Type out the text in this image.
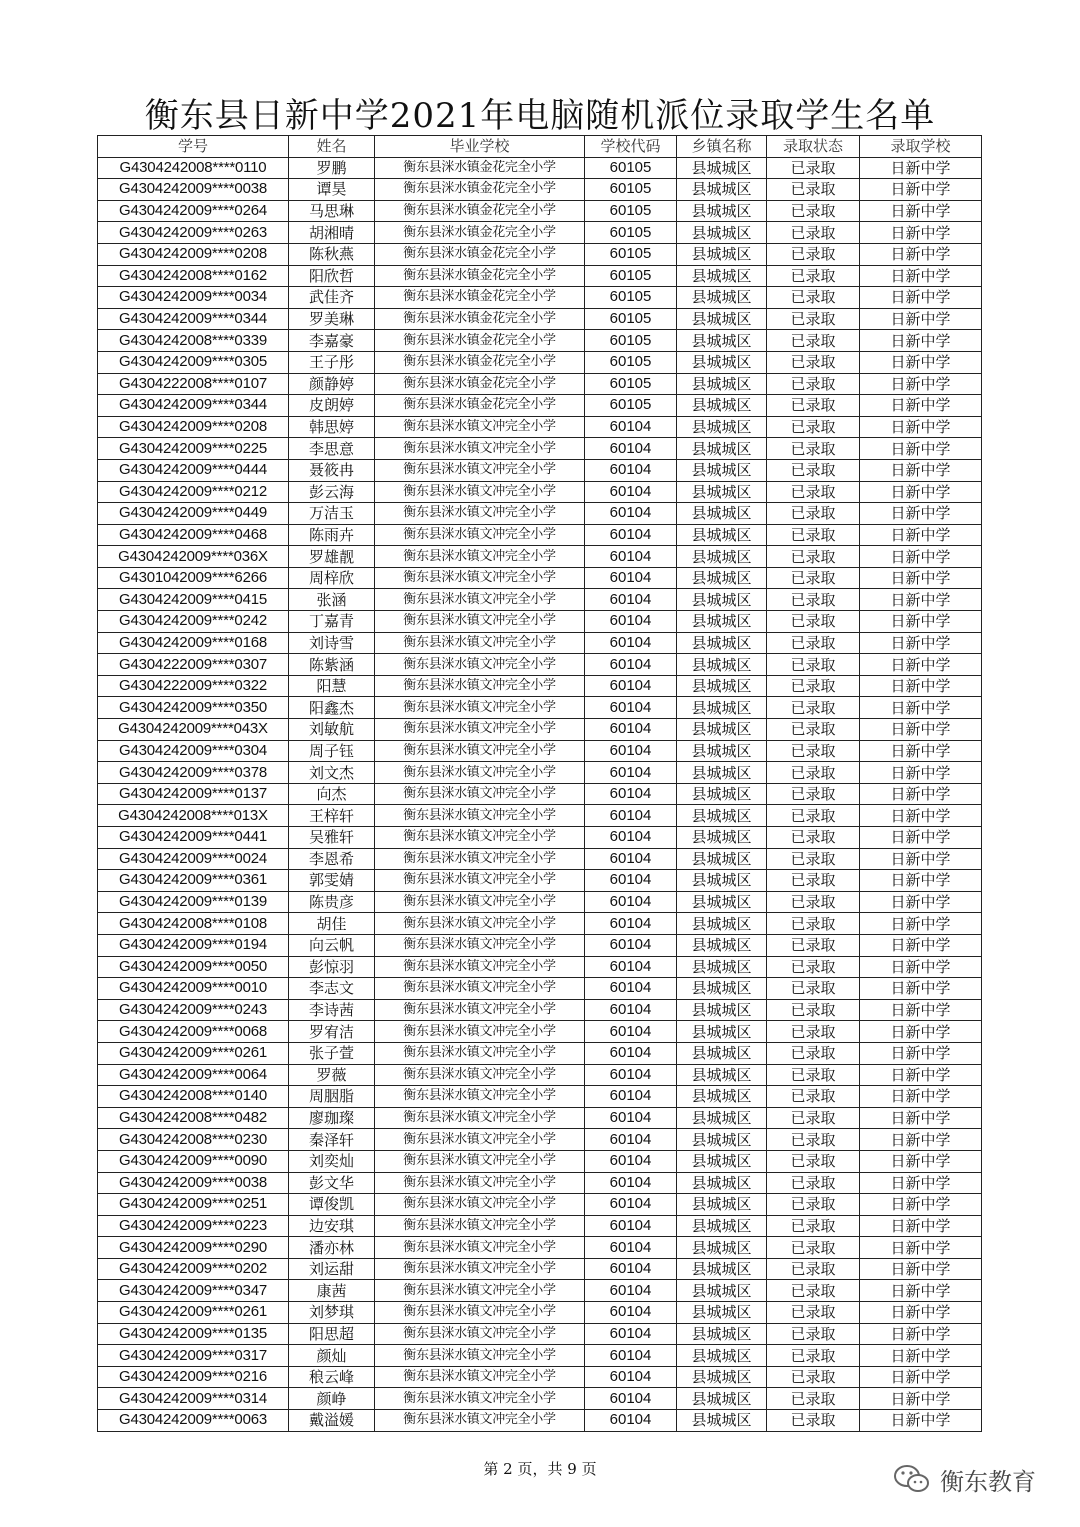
衡东县日新中学2021年电脑随机派位录取学生名单
学号	姓名	毕业学校	学校代码	乡镇名称	录取状态	录取学校
G4304242008****0110	罗鹏	衡东县洣水镇金花完全小学	60105	县城城区	已录取	日新中学
G4304242009****0038	谭昊	衡东县洣水镇金花完全小学	60105	县城城区	已录取	日新中学
G4304242009****0264	马思琳	衡东县洣水镇金花完全小学	60105	县城城区	已录取	日新中学
G4304242009****0263	胡湘晴	衡东县洣水镇金花完全小学	60105	县城城区	已录取	日新中学
G4304242009****0208	陈秋燕	衡东县洣水镇金花完全小学	60105	县城城区	已录取	日新中学
G4304242008****0162	阳欣哲	衡东县洣水镇金花完全小学	60105	县城城区	已录取	日新中学
G4304242009****0034	武佳齐	衡东县洣水镇金花完全小学	60105	县城城区	已录取	日新中学
G4304242009****0344	罗美琳	衡东县洣水镇金花完全小学	60105	县城城区	已录取	日新中学
G4304242008****0339	李嘉豪	衡东县洣水镇金花完全小学	60105	县城城区	已录取	日新中学
G4304242009****0305	王子彤	衡东县洣水镇金花完全小学	60105	县城城区	已录取	日新中学
G4304222008****0107	颜静婷	衡东县洣水镇金花完全小学	60105	县城城区	已录取	日新中学
G4304242009****0344	皮朗婷	衡东县洣水镇金花完全小学	60105	县城城区	已录取	日新中学
G4304242009****0208	韩思婷	衡东县洣水镇文冲完全小学	60104	县城城区	已录取	日新中学
G4304242009****0225	李思意	衡东县洣水镇文冲完全小学	60104	县城城区	已录取	日新中学
G4304242009****0444	聂筱冉	衡东县洣水镇文冲完全小学	60104	县城城区	已录取	日新中学
G4304242009****0212	彭云海	衡东县洣水镇文冲完全小学	60104	县城城区	已录取	日新中学
G4304242009****0449	万洁玉	衡东县洣水镇文冲完全小学	60104	县城城区	已录取	日新中学
G4304242009****0468	陈雨卉	衡东县洣水镇文冲完全小学	60104	县城城区	已录取	日新中学
G4304242009****036X	罗雄靓	衡东县洣水镇文冲完全小学	60104	县城城区	已录取	日新中学
G4301042009****6266	周梓欣	衡东县洣水镇文冲完全小学	60104	县城城区	已录取	日新中学
G4304242009****0415	张涵	衡东县洣水镇文冲完全小学	60104	县城城区	已录取	日新中学
G4304242009****0242	丁嘉青	衡东县洣水镇文冲完全小学	60104	县城城区	已录取	日新中学
G4304242009****0168	刘诗雪	衡东县洣水镇文冲完全小学	60104	县城城区	已录取	日新中学
G4304222009****0307	陈紫涵	衡东县洣水镇文冲完全小学	60104	县城城区	已录取	日新中学
G4304222009****0322	阳慧	衡东县洣水镇文冲完全小学	60104	县城城区	已录取	日新中学
G4304242009****0350	阳鑫杰	衡东县洣水镇文冲完全小学	60104	县城城区	已录取	日新中学
G4304242009****043X	刘敏航	衡东县洣水镇文冲完全小学	60104	县城城区	已录取	日新中学
G4304242009****0304	周子钰	衡东县洣水镇文冲完全小学	60104	县城城区	已录取	日新中学
G4304242009****0378	刘文杰	衡东县洣水镇文冲完全小学	60104	县城城区	已录取	日新中学
G4304242009****0137	向杰	衡东县洣水镇文冲完全小学	60104	县城城区	已录取	日新中学
G4304242008****013X	王梓轩	衡东县洣水镇文冲完全小学	60104	县城城区	已录取	日新中学
G4304242009****0441	吴雅轩	衡东县洣水镇文冲完全小学	60104	县城城区	已录取	日新中学
G4304242009****0024	李恩希	衡东县洣水镇文冲完全小学	60104	县城城区	已录取	日新中学
G4304242009****0361	郭雯婧	衡东县洣水镇文冲完全小学	60104	县城城区	已录取	日新中学
G4304242009****0139	陈贵彦	衡东县洣水镇文冲完全小学	60104	县城城区	已录取	日新中学
G4304242008****0108	胡佳	衡东县洣水镇文冲完全小学	60104	县城城区	已录取	日新中学
G4304242009****0194	向云帆	衡东县洣水镇文冲完全小学	60104	县城城区	已录取	日新中学
G4304242009****0050	彭惊羽	衡东县洣水镇文冲完全小学	60104	县城城区	已录取	日新中学
G4304242009****0010	李志文	衡东县洣水镇文冲完全小学	60104	县城城区	已录取	日新中学
G4304242009****0243	李诗茜	衡东县洣水镇文冲完全小学	60104	县城城区	已录取	日新中学
G4304242009****0068	罗宥洁	衡东县洣水镇文冲完全小学	60104	县城城区	已录取	日新中学
G4304242009****0261	张子萱	衡东县洣水镇文冲完全小学	60104	县城城区	已录取	日新中学
G4304242009****0064	罗薇	衡东县洣水镇文冲完全小学	60104	县城城区	已录取	日新中学
G4304242008****0140	周胭脂	衡东县洣水镇文冲完全小学	60104	县城城区	已录取	日新中学
G4304242008****0482	廖珈璨	衡东县洣水镇文冲完全小学	60104	县城城区	已录取	日新中学
G4304242008****0230	秦泽轩	衡东县洣水镇文冲完全小学	60104	县城城区	已录取	日新中学
G4304242009****0090	刘奕灿	衡东县洣水镇文冲完全小学	60104	县城城区	已录取	日新中学
G4304242009****0038	彭文华	衡东县洣水镇文冲完全小学	60104	县城城区	已录取	日新中学
G4304242009****0251	谭俊凯	衡东县洣水镇文冲完全小学	60104	县城城区	已录取	日新中学
G4304242009****0223	边安琪	衡东县洣水镇文冲完全小学	60104	县城城区	已录取	日新中学
G4304242009****0290	潘亦林	衡东县洣水镇文冲完全小学	60104	县城城区	已录取	日新中学
G4304242009****0202	刘运甜	衡东县洣水镇文冲完全小学	60104	县城城区	已录取	日新中学
G4304242009****0347	康茜	衡东县洣水镇文冲完全小学	60104	县城城区	已录取	日新中学
G4304242009****0261	刘梦琪	衡东县洣水镇文冲完全小学	60104	县城城区	已录取	日新中学
G4304242009****0135	阳思超	衡东县洣水镇文冲完全小学	60104	县城城区	已录取	日新中学
G4304242009****0317	颜灿	衡东县洣水镇文冲完全小学	60104	县城城区	已录取	日新中学
G4304242009****0216	稂云峰	衡东县洣水镇文冲完全小学	60104	县城城区	已录取	日新中学
G4304242009****0314	颜峥	衡东县洣水镇文冲完全小学	60104	县城城区	已录取	日新中学
G4304242009****0063	戴溢媛	衡东县洣水镇文冲完全小学	60104	县城城区	已录取	日新中学
第 2 页，共 9 页	衡东教育
